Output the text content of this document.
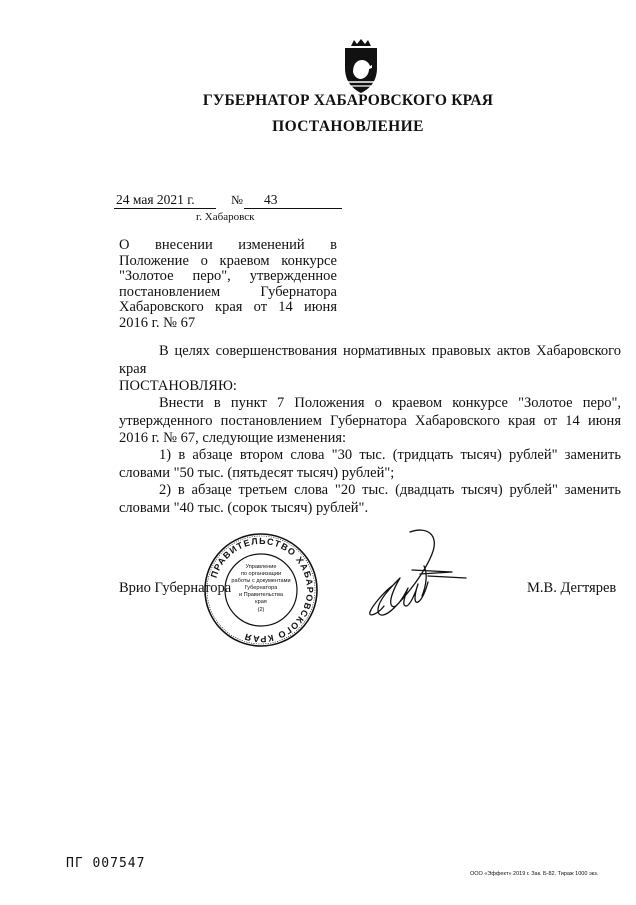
ГУБЕРНАТОР ХАБАРОВСКОГО КРАЯ
ПОСТАНОВЛЕНИЕ
24 мая 2021 г.	№ 43
г. Хабаровск
О внесении изменений в Положение о краевом конкурсе "Золотое перо", утвержденное постановлением Губернатора Хабаровского края от 14 июня 2016 г. № 67
В целях совершенствования нормативных правовых актов Хабаровского края
ПОСТАНОВЛЯЮ:
Внести в пункт 7 Положения о краевом конкурсе "Золотое перо", утвержденного постановлением Губернатора Хабаровского края от 14 июня 2016 г. № 67, следующие изменения:
1) в абзаце втором слова "30 тыс. (тридцать тысяч) рублей" заменить словами "50 тыс. (пятьдесят тысяч) рублей";
2) в абзаце третьем слова "20 тыс. (двадцать тысяч) рублей" заменить словами "40 тыс. (сорок тысяч) рублей".
Врио Губернатора	М.В. Дегтярев
ПРАВИТЕЛЬСТВО ХАБАРОВСКОГО КРАЯ
Управление
по организации
работы с документами
Губернатора
и Правительства
края
(2)
ПГ 007547
ООО «Эффект» 2019 г. Зак. Б-82. Тираж 1000 экз.
